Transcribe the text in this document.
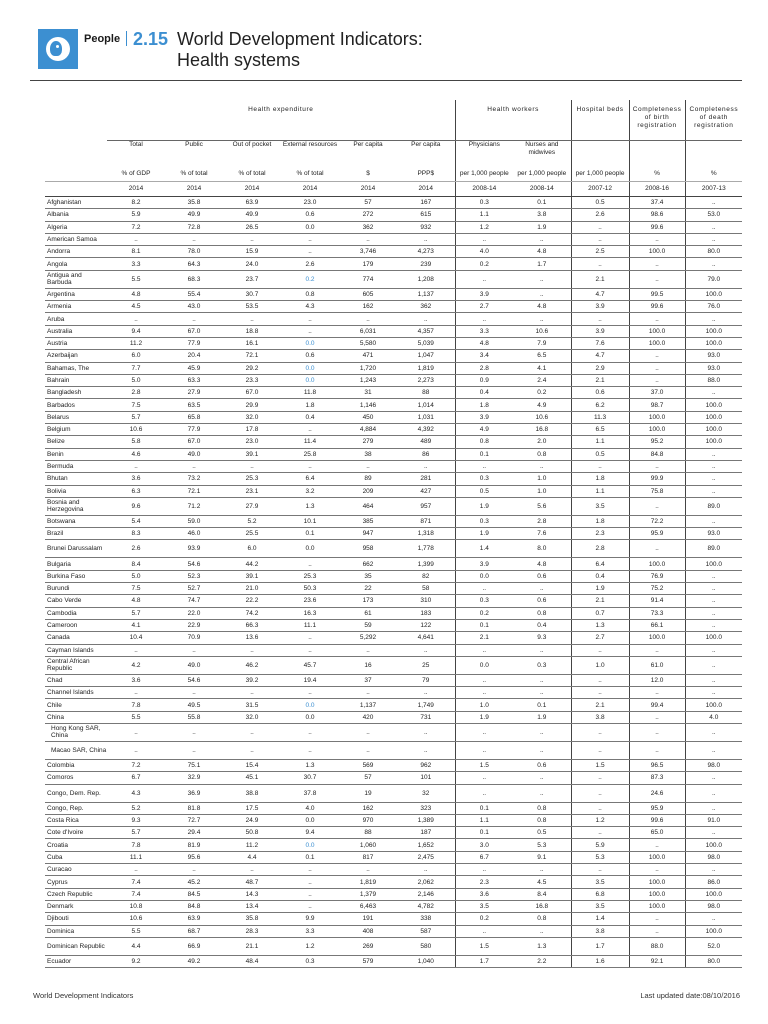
People 2.15 World Development Indicators:
Health systems
	Health expenditure						Health workers		Hospital beds	Completeness of birth registration	Completeness of death registration
	Total	Public	Out of pocket	External resources	Per capita	Per capita	Physicians	Nurses and midwives			
	% of GDP	% of total	% of total	% of total	$	PPP$	per 1,000 people	per 1,000 people	per 1,000 people	%	%
	2014	2014	2014	2014	2014	2014	2008-14	2008-14	2007-12	2008-16	2007-13
Afghanistan	8.2	35.8	63.9	23.0	57	167	0.3	0.1	0.5	37.4	..
Albania	5.9	49.9	49.9	0.6	272	615	1.1	3.8	2.6	98.6	53.0
Algeria	7.2	72.8	26.5	0.0	362	932	1.2	1.9	..	99.6	..
American Samoa	..	..	..	..	..	..	..	..	..	..	..
Andorra	8.1	78.0	15.9	..	3,746	4,273	4.0	4.8	2.5	100.0	80.0
Angola	3.3	64.3	24.0	2.6	179	239	0.2	1.7	..	..	..
Antigua and Barbuda	5.5	68.3	23.7	0.2	774	1,208	..	..	2.1	..	79.0
Argentina	4.8	55.4	30.7	0.8	605	1,137	3.9	..	4.7	99.5	100.0
Armenia	4.5	43.0	53.5	4.3	162	362	2.7	4.8	3.9	99.6	76.0
Aruba	..	..	..	..	..	..	..	..	..	..	..
Australia	9.4	67.0	18.8	..	6,031	4,357	3.3	10.6	3.9	100.0	100.0
Austria	11.2	77.9	16.1	0.0	5,580	5,039	4.8	7.9	7.6	100.0	100.0
Azerbaijan	6.0	20.4	72.1	0.6	471	1,047	3.4	6.5	4.7	..	93.0
Bahamas, The	7.7	45.9	29.2	0.0	1,720	1,819	2.8	4.1	2.9	..	93.0
Bahrain	5.0	63.3	23.3	0.0	1,243	2,273	0.9	2.4	2.1	..	88.0
Bangladesh	2.8	27.9	67.0	11.8	31	88	0.4	0.2	0.6	37.0	..
Barbados	7.5	63.5	29.9	1.8	1,146	1,014	1.8	4.9	6.2	98.7	100.0
Belarus	5.7	65.8	32.0	0.4	450	1,031	3.9	10.6	11.3	100.0	100.0
Belgium	10.6	77.9	17.8	..	4,884	4,392	4.9	16.8	6.5	100.0	100.0
Belize	5.8	67.0	23.0	11.4	279	489	0.8	2.0	1.1	95.2	100.0
Benin	4.6	49.0	39.1	25.8	38	86	0.1	0.8	0.5	84.8	..
Bermuda	..	..	..	..	..	..	..	..	..	..	..
Bhutan	3.6	73.2	25.3	6.4	89	281	0.3	1.0	1.8	99.9	..
Bolivia	6.3	72.1	23.1	3.2	209	427	0.5	1.0	1.1	75.8	..
Bosnia and Herzegovina	9.6	71.2	27.9	1.3	464	957	1.9	5.6	3.5	..	89.0
Botswana	5.4	59.0	5.2	10.1	385	871	0.3	2.8	1.8	72.2	..
Brazil	8.3	46.0	25.5	0.1	947	1,318	1.9	7.6	2.3	95.9	93.0
Brunei Darussalam	2.6	93.9	6.0	0.0	958	1,778	1.4	8.0	2.8	..	89.0
Bulgaria	8.4	54.6	44.2	..	662	1,399	3.9	4.8	6.4	100.0	100.0
Burkina Faso	5.0	52.3	39.1	25.3	35	82	0.0	0.6	0.4	76.9	..
Burundi	7.5	52.7	21.0	50.3	22	58	..	..	1.9	75.2	..
Cabo Verde	4.8	74.7	22.2	23.6	173	310	0.3	0.6	2.1	91.4	..
Cambodia	5.7	22.0	74.2	16.3	61	183	0.2	0.8	0.7	73.3	..
Cameroon	4.1	22.9	66.3	11.1	59	122	0.1	0.4	1.3	66.1	..
Canada	10.4	70.9	13.6	..	5,292	4,641	2.1	9.3	2.7	100.0	100.0
Cayman Islands	..	..	..	..	..	..	..	..	..	..	..
Central African Republic	4.2	49.0	46.2	45.7	16	25	0.0	0.3	1.0	61.0	..
Chad	3.6	54.6	39.2	19.4	37	79	..	..	..	12.0	..
Channel Islands	..	..	..	..	..	..	..	..	..	..	..
Chile	7.8	49.5	31.5	0.0	1,137	1,749	1.0	0.1	2.1	99.4	100.0
China	5.5	55.8	32.0	0.0	420	731	1.9	1.9	3.8	..	4.0
Hong Kong SAR, China	..	..	..	..	..	..	..	..	..	..	..
Macao SAR, China	..	..	..	..	..	..	..	..	..	..	..
Colombia	7.2	75.1	15.4	1.3	569	962	1.5	0.6	1.5	96.5	98.0
Comoros	6.7	32.9	45.1	30.7	57	101	..	..	..	87.3	..
Congo, Dem. Rep.	4.3	36.9	38.8	37.8	19	32	..	..	..	24.6	..
Congo, Rep.	5.2	81.8	17.5	4.0	162	323	0.1	0.8	..	95.9	..
Costa Rica	9.3	72.7	24.9	0.0	970	1,389	1.1	0.8	1.2	99.6	91.0
Cote d'Ivoire	5.7	29.4	50.8	9.4	88	187	0.1	0.5	..	65.0	..
Croatia	7.8	81.9	11.2	0.0	1,060	1,652	3.0	5.3	5.9	..	100.0
Cuba	11.1	95.6	4.4	0.1	817	2,475	6.7	9.1	5.3	100.0	98.0
Curacao	..	..	..	..	..	..	..	..	..	..	..
Cyprus	7.4	45.2	48.7	..	1,819	2,062	2.3	4.5	3.5	100.0	86.0
Czech Republic	7.4	84.5	14.3	..	1,379	2,146	3.6	8.4	6.8	100.0	100.0
Denmark	10.8	84.8	13.4	..	6,463	4,782	3.5	16.8	3.5	100.0	98.0
Djibouti	10.6	63.9	35.8	9.9	191	338	0.2	0.8	1.4	..	..
Dominica	5.5	68.7	28.3	3.3	408	587	..	..	3.8	..	100.0
Dominican Republic	4.4	66.9	21.1	1.2	269	580	1.5	1.3	1.7	88.0	52.0
Ecuador	9.2	49.2	48.4	0.3	579	1,040	1.7	2.2	1.6	92.1	80.0
World Development Indicators	Last updated date:08/10/2016
